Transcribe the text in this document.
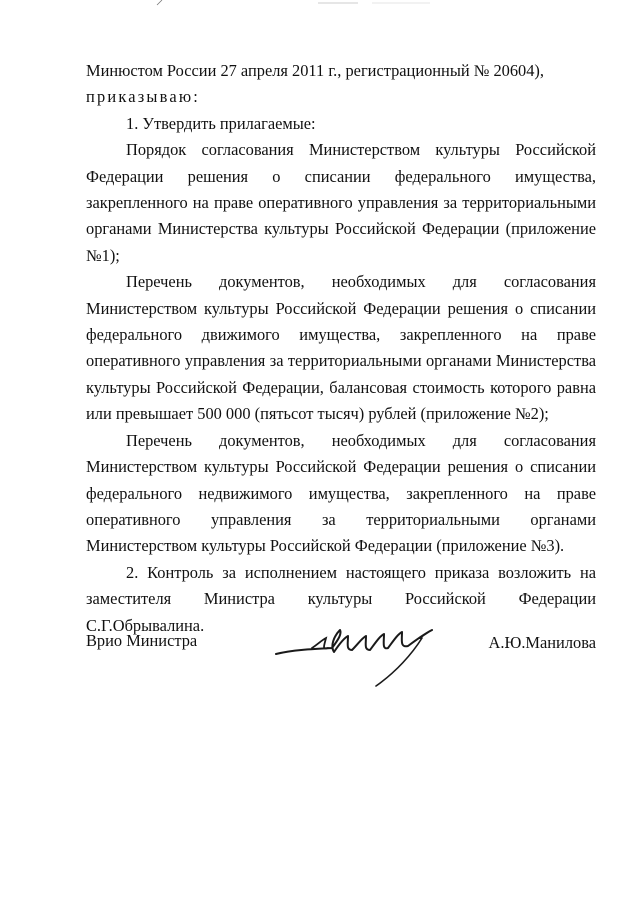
Минюстом России 27 апреля 2011 г., регистрационный № 20604),

приказываю:

1. Утвердить прилагаемые:

Порядок согласования Министерством культуры Российской Федерации решения о списании федерального имущества, закрепленного на праве оперативного управления за территориальными органами Министерства культуры Российской Федерации (приложение №1);

Перечень документов, необходимых для согласования Министерством культуры Российской Федерации решения о списании федерального движимого имущества, закрепленного на праве оперативного управления за территориальными органами Министерства культуры Российской Федерации, балансовая стоимость которого равна или превышает 500 000 (пятьсот тысяч) рублей (приложение №2);

Перечень документов, необходимых для согласования Министерством культуры Российской Федерации решения о списании федерального недвижимого имущества, закрепленного на праве оперативного управления за территориальными органами Министерством культуры Российской Федерации (приложение №3).

2. Контроль за исполнением настоящего приказа возложить на заместителя Министра культуры Российской Федерации С.Г.Обрывалина.

Врио Министра	А.Ю.Манилова
